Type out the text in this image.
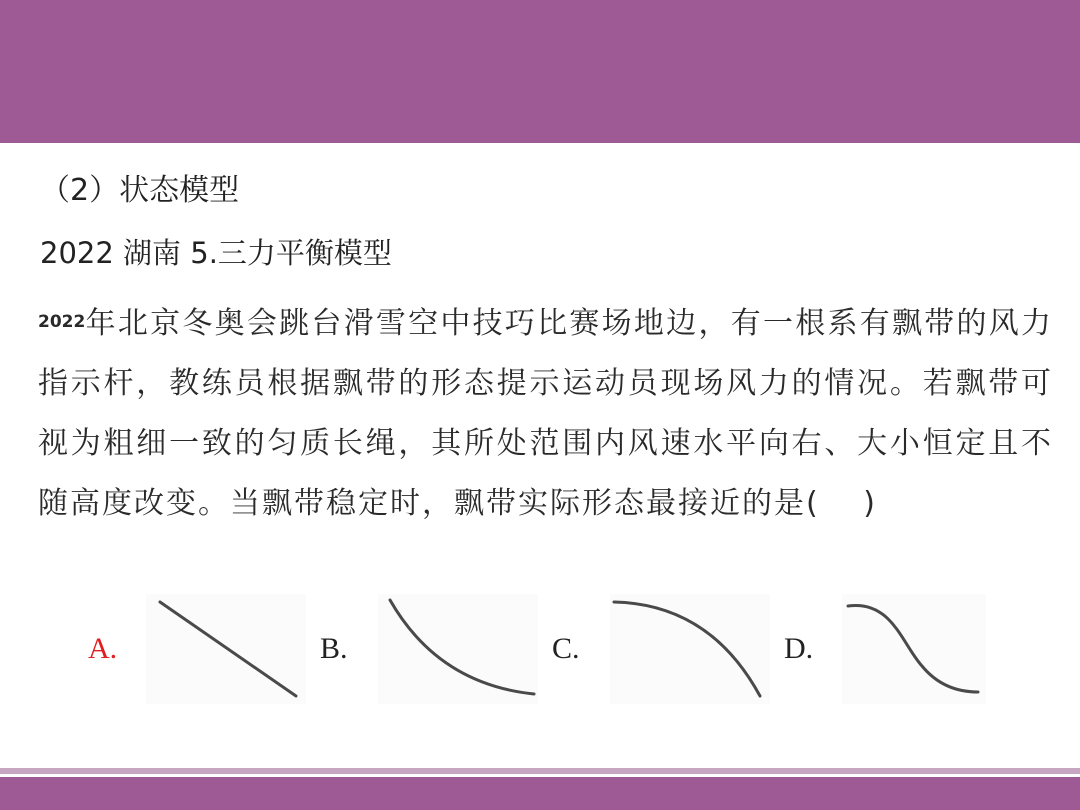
（2）状态模型
2022 湖南 5.三力平衡模型

$^{2022}$年北京冬奥会跳台滑雪空中技巧比赛场地边，有一根系有飘带的风力指示杆，教练员根据飘带的形态提示运动员现场风力的情况。若飘带可视为粗细一致的匀质长绳，其所处范围内风速水平向右、大小恒定且不随高度改变。当飘带稳定时，飘带实际形态最接近的是(　 )

A.	B.	C.	D.
